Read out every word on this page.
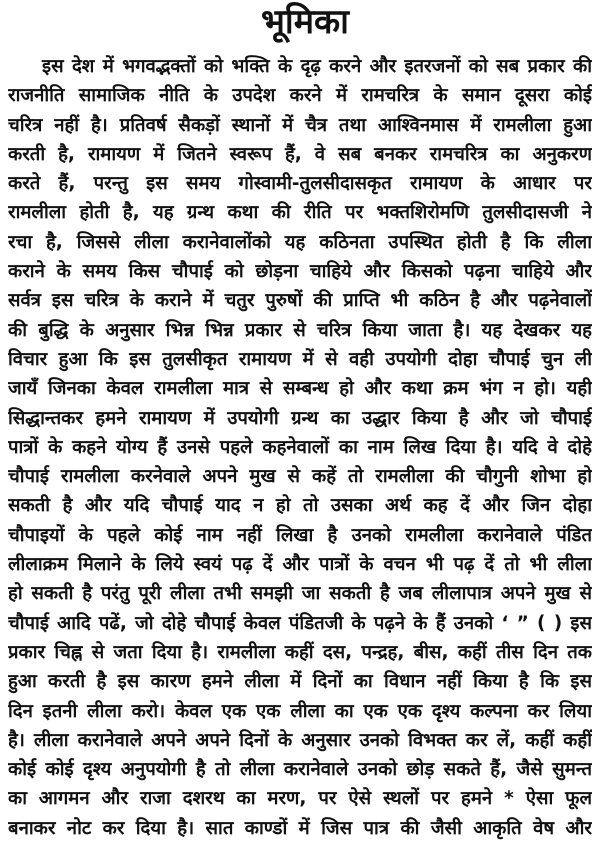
भूमिका
इस देश में भगवद्भक्तों को भक्ति के दृढ़ करने और इतरजनों को सब प्रकार की
राजनीति सामाजिक नीति के उपदेश करने में रामचरित्र के समान दूसरा कोई
चरित्र नहीं है। प्रतिवर्ष सैकड़ों स्थानों में चैत्र तथा आश्विनमास में रामलीला हुआ
करती है, रामायण में जितने स्वरूप हैं, वे सब बनकर रामचरित्र का अनुकरण
करते हैं, परन्तु इस समय गोस्वामी-तुलसीदासकृत रामायण के आधार पर
रामलीला होती है, यह ग्रन्थ कथा की रीति पर भक्तशिरोमणि तुलसीदासजी ने
रचा है, जिससे लीला करानेवालोंको यह कठिनता उपस्थित होती है कि लीला
कराने के समय किस चौपाई को छोड़ना चाहिये और किसको पढ़ना चाहिये और
सर्वत्र इस चरित्र के कराने में चतुर पुरुषों की प्राप्ति भी कठिन है और पढ़नेवालों
की बुद्धि के अनुसार भिन्न भिन्न प्रकार से चरित्र किया जाता है। यह देखकर यह
विचार हुआ कि इस तुलसीकृत रामायण में से वही उपयोगी दोहा चौपाई चुन ली
जायँ जिनका केवल रामलीला मात्र से सम्बन्ध हो और कथा क्रम भंग न हो। यही
सिद्धान्तकर हमने रामायण में उपयोगी ग्रन्थ का उद्धार किया है और जो चौपाई
पात्रों के कहने योग्य हैं उनसे पहले कहनेवालों का नाम लिख दिया है। यदि वे दोहे
चौपाई रामलीला करनेवाले अपने मुख से कहें तो रामलीला की चौगुनी शोभा हो
सकती है और यदि चौपाई याद न हो तो उसका अर्थ कह दें और जिन दोहा
चौपाइयों के पहले कोई नाम नहीं लिखा है उनको रामलीला करानेवाले पंडित
लीलाक्रम मिलाने के लिये स्वयं पढ़ दें और पात्रों के वचन भी पढ़ दें तो भी लीला
हो सकती है परंतु पूरी लीला तभी समझी जा सकती है जब लीलापात्र अपने मुख से
चौपाई आदि पढें, जो दोहे चौपाई केवल पंडितजी के पढ़ने के हैं उनको ‘ ” ( ) इस
प्रकार चिह्न से जता दिया है। रामलीला कहीं दस, पन्द्रह, बीस, कहीं तीस दिन तक
हुआ करती है इस कारण हमने लीला में दिनों का विधान नहीं किया है कि इस
दिन इतनी लीला करो। केवल एक एक लीला का एक एक दृश्य कल्पना कर लिया
है। लीला करानेवाले अपने अपने दिनों के अनुसार उनको विभक्त कर लें, कहीं कहीं
कोई कोई दृश्य अनुपयोगी है तो लीला करानेवाले उनको छोड़ सकते हैं, जैसे सुमन्त
का आगमन और राजा दशरथ का मरण, पर ऐसे स्थलों पर हमने * ऐसा फूल
बनाकर नोट कर दिया है। सात काण्डों में जिस पात्र की जैसी आकृति वेष और
